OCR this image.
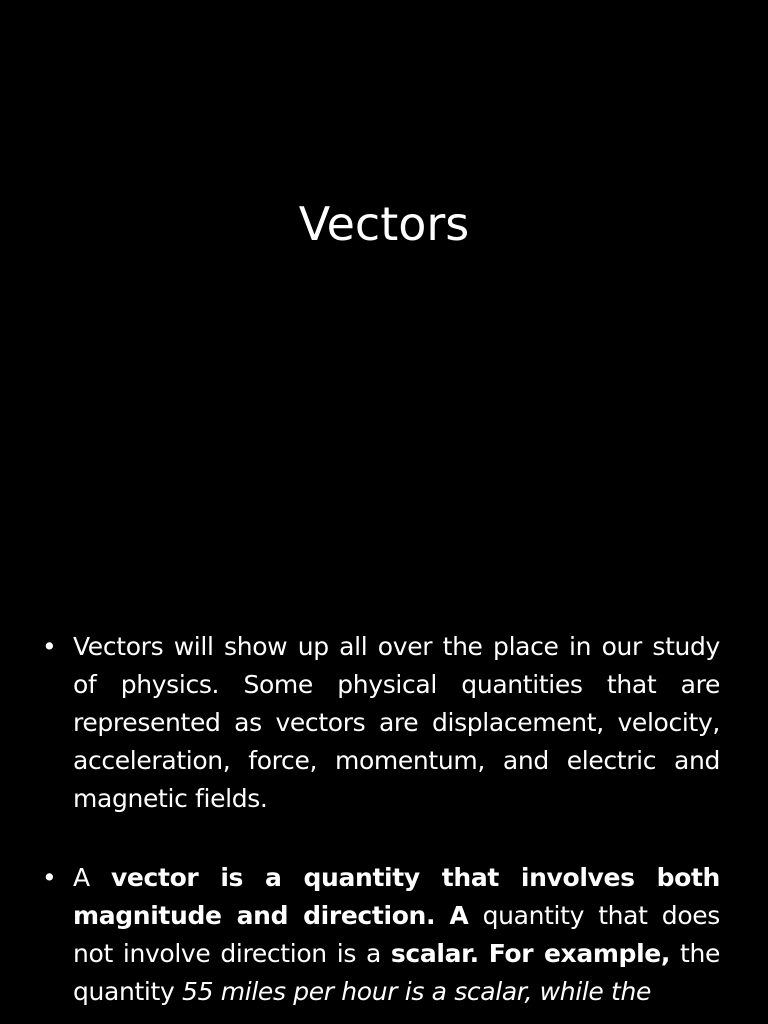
Vectors
• Vectors will show up all over the place in our study of physics. Some physical quantities that are represented as vectors are displacement, velocity, acceleration, force, momentum, and electric and magnetic fields.
• A vector is a quantity that involves both magnitude and direction. A quantity that does not involve direction is a scalar. For example, the quantity 55 miles per hour is a scalar, while the
